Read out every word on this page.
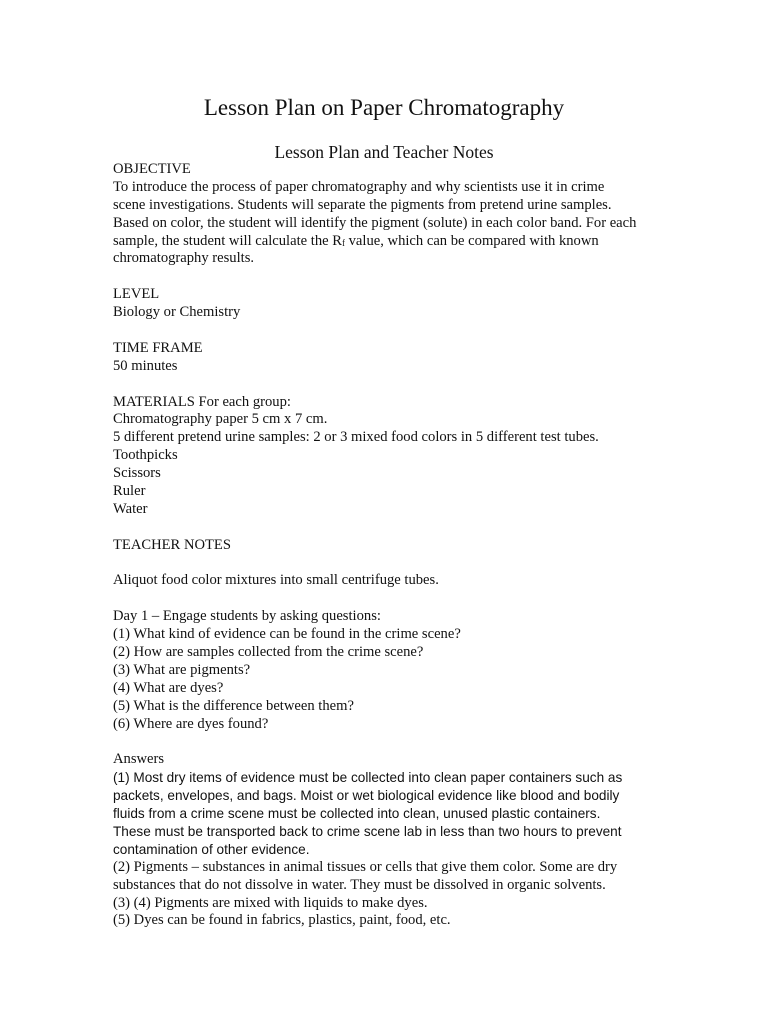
Lesson Plan on Paper Chromatography
Lesson Plan and Teacher Notes
OBJECTIVE
To introduce the process of paper chromatography and why scientists use it in crime
scene investigations. Students will separate the pigments from pretend urine samples.
Based on color, the student will identify the pigment (solute) in each color band. For each
sample, the student will calculate the Rf value, which can be compared with known
chromatography results.
LEVEL
Biology or Chemistry
TIME FRAME
50 minutes
MATERIALS For each group:
Chromatography paper 5 cm x 7 cm.
5 different pretend urine samples: 2 or 3 mixed food colors in 5 different test tubes.
Toothpicks
Scissors
Ruler
Water
TEACHER NOTES
Aliquot food color mixtures into small centrifuge tubes.
Day 1 – Engage students by asking questions:
(1) What kind of evidence can be found in the crime scene?
(2) How are samples collected from the crime scene?
(3) What are pigments?
(4) What are dyes?
(5) What is the difference between them?
(6) Where are dyes found?
Answers
(1) Most dry items of evidence must be collected into clean paper containers such as
packets, envelopes, and bags. Moist or wet biological evidence like blood and bodily
fluids from a crime scene must be collected into clean, unused plastic containers.
These must be transported back to crime scene lab in less than two hours to prevent
contamination of other evidence.
(2) Pigments – substances in animal tissues or cells that give them color. Some are dry
substances that do not dissolve in water. They must be dissolved in organic solvents.
(3) (4) Pigments are mixed with liquids to make dyes.
(5) Dyes can be found in fabrics, plastics, paint, food, etc.
